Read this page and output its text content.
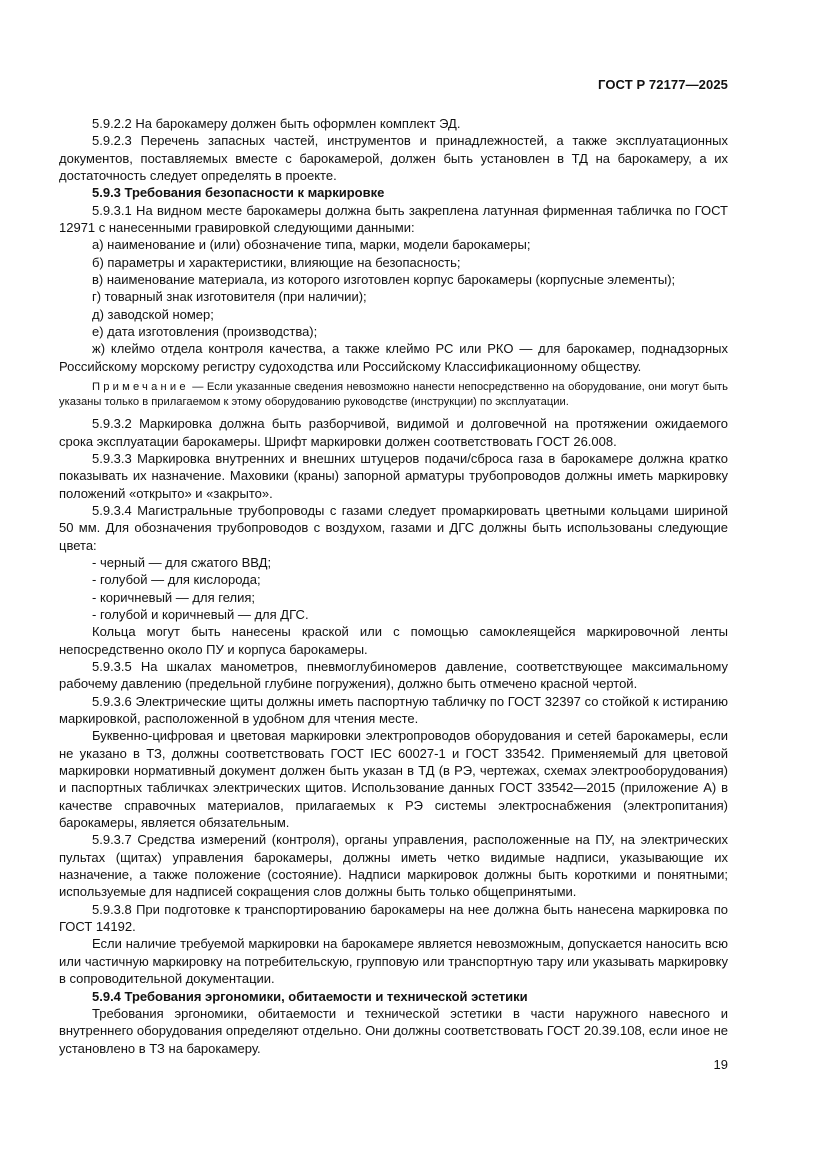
ГОСТ Р 72177—2025

5.9.2.2 На барокамеру должен быть оформлен комплект ЭД.

5.9.2.3 Перечень запасных частей, инструментов и принадлежностей, а также эксплуатационных документов, поставляемых вместе с барокамерой, должен быть установлен в ТД на барокамеру, а их достаточность следует определять в проекте.

5.9.3 Требования безопасности к маркировке

5.9.3.1 На видном месте барокамеры должна быть закреплена латунная фирменная табличка по ГОСТ 12971 с нанесенными гравировкой следующими данными:

а) наименование и (или) обозначение типа, марки, модели барокамеры;

б) параметры и характеристики, влияющие на безопасность;

в) наименование материала, из которого изготовлен корпус барокамеры (корпусные элементы);

г) товарный знак изготовителя (при наличии);

д) заводской номер;

е) дата изготовления (производства);

ж) клеймо отдела контроля качества, а также клеймо РС или РКО — для барокамер, поднадзорных Российскому морскому регистру судоходства или Российскому Классификационному обществу.

Примечание — Если указанные сведения невозможно нанести непосредственно на оборудование, они могут быть указаны только в прилагаемом к этому оборудованию руководстве (инструкции) по эксплуатации.

5.9.3.2 Маркировка должна быть разборчивой, видимой и долговечной на протяжении ожидаемого срока эксплуатации барокамеры. Шрифт маркировки должен соответствовать ГОСТ 26.008.

5.9.3.3 Маркировка внутренних и внешних штуцеров подачи/сброса газа в барокамере должна кратко показывать их назначение. Маховики (краны) запорной арматуры трубопроводов должны иметь маркировку положений «открыто» и «закрыто».

5.9.3.4 Магистральные трубопроводы с газами следует промаркировать цветными кольцами шириной 50 мм. Для обозначения трубопроводов с воздухом, газами и ДГС должны быть использованы следующие цвета:

- черный — для сжатого ВВД;

- голубой — для кислорода;

- коричневый — для гелия;

- голубой и коричневый — для ДГС.

Кольца могут быть нанесены краской или с помощью самоклеящейся маркировочной ленты непосредственно около ПУ и корпуса барокамеры.

5.9.3.5 На шкалах манометров, пневмоглубиномеров давление, соответствующее максимальному рабочему давлению (предельной глубине погружения), должно быть отмечено красной чертой.

5.9.3.6 Электрические щиты должны иметь паспортную табличку по ГОСТ 32397 со стойкой к истиранию маркировкой, расположенной в удобном для чтения месте.

Буквенно-цифровая и цветовая маркировки электропроводов оборудования и сетей барокамеры, если не указано в ТЗ, должны соответствовать ГОСТ IEC 60027-1 и ГОСТ 33542. Применяемый для цветовой маркировки нормативный документ должен быть указан в ТД (в РЭ, чертежах, схемах электрооборудования) и паспортных табличках электрических щитов. Использование данных ГОСТ 33542—2015 (приложение А) в качестве справочных материалов, прилагаемых к РЭ системы электроснабжения (электропитания) барокамеры, является обязательным.

5.9.3.7 Средства измерений (контроля), органы управления, расположенные на ПУ, на электрических пультах (щитах) управления барокамеры, должны иметь четко видимые надписи, указывающие их назначение, а также положение (состояние). Надписи маркировок должны быть короткими и понятными; используемые для надписей сокращения слов должны быть только общепринятыми.

5.9.3.8 При подготовке к транспортированию барокамеры на нее должна быть нанесена маркировка по ГОСТ 14192.

Если наличие требуемой маркировки на барокамере является невозможным, допускается наносить всю или частичную маркировку на потребительскую, групповую или транспортную тару или указывать маркировку в сопроводительной документации.

5.9.4 Требования эргономики, обитаемости и технической эстетики

Требования эргономики, обитаемости и технической эстетики в части наружного навесного и внутреннего оборудования определяют отдельно. Они должны соответствовать ГОСТ 20.39.108, если иное не установлено в ТЗ на барокамеру.

19
